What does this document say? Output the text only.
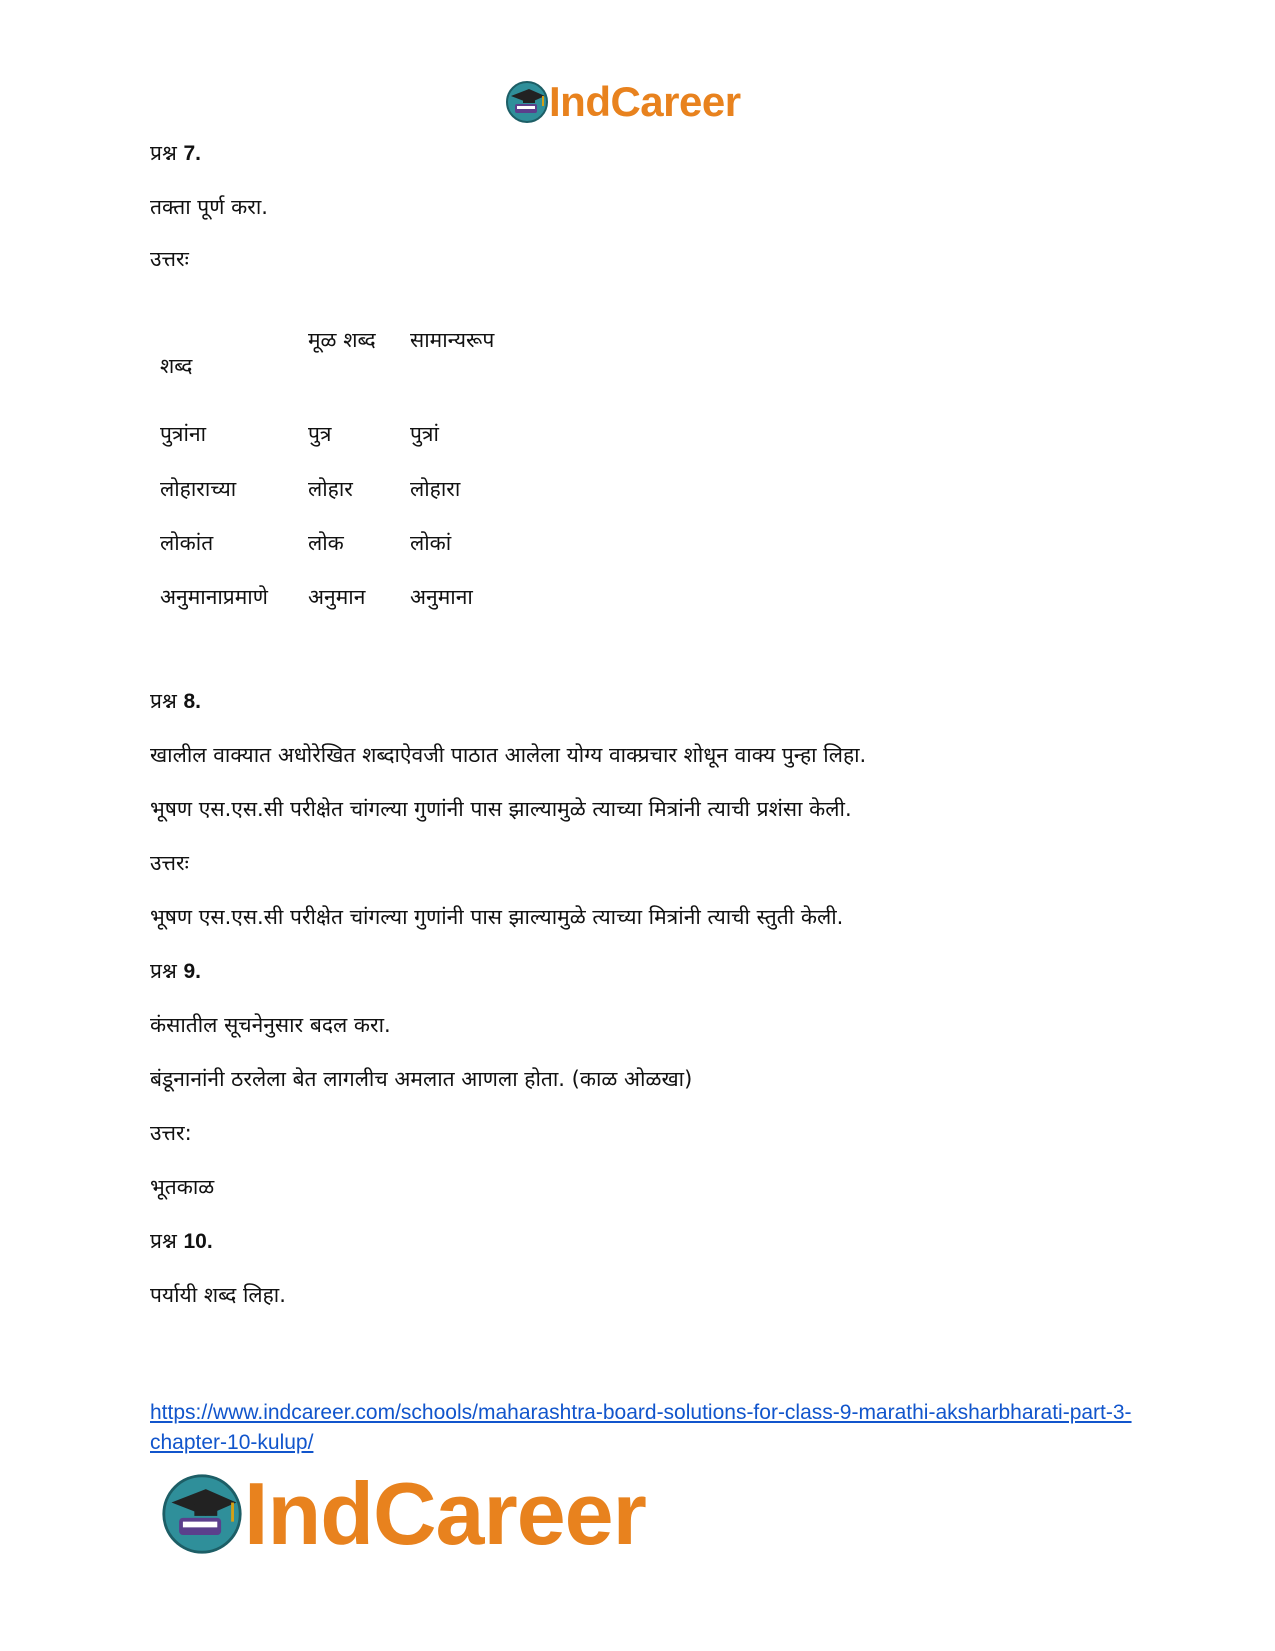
IndCareer

प्रश्न 7.

तक्ता पूर्ण करा.

उत्तरः

शब्द	मूळ शब्द	सामान्यरूप
पुत्रांना	पुत्र	पुत्रां
लोहाराच्या	लोहार	लोहारा
लोकांत	लोक	लोकां
अनुमानाप्रमाणे	अनुमान	अनुमाना

प्रश्न 8.

खालील वाक्यात अधोरेखित शब्दाऐवजी पाठात आलेला योग्य वाक्प्रचार शोधून वाक्य पुन्हा लिहा.

भूषण एस.एस.सी परीक्षेत चांगल्या गुणांनी पास झाल्यामुळे त्याच्या मित्रांनी त्याची प्रशंसा केली.

उत्तरः

भूषण एस.एस.सी परीक्षेत चांगल्या गुणांनी पास झाल्यामुळे त्याच्या मित्रांनी त्याची स्तुती केली.

प्रश्न 9.

कंसातील सूचनेनुसार बदल करा.

बंडूनानांनी ठरलेला बेत लागलीच अमलात आणला होता. (काळ ओळखा)

उत्तर:

भूतकाळ

प्रश्न 10.

पर्यायी शब्द लिहा.

https://www.indcareer.com/schools/maharashtra-board-solutions-for-class-9-marathi-aksharbharati-part-3-chapter-10-kulup/
IndCareer
